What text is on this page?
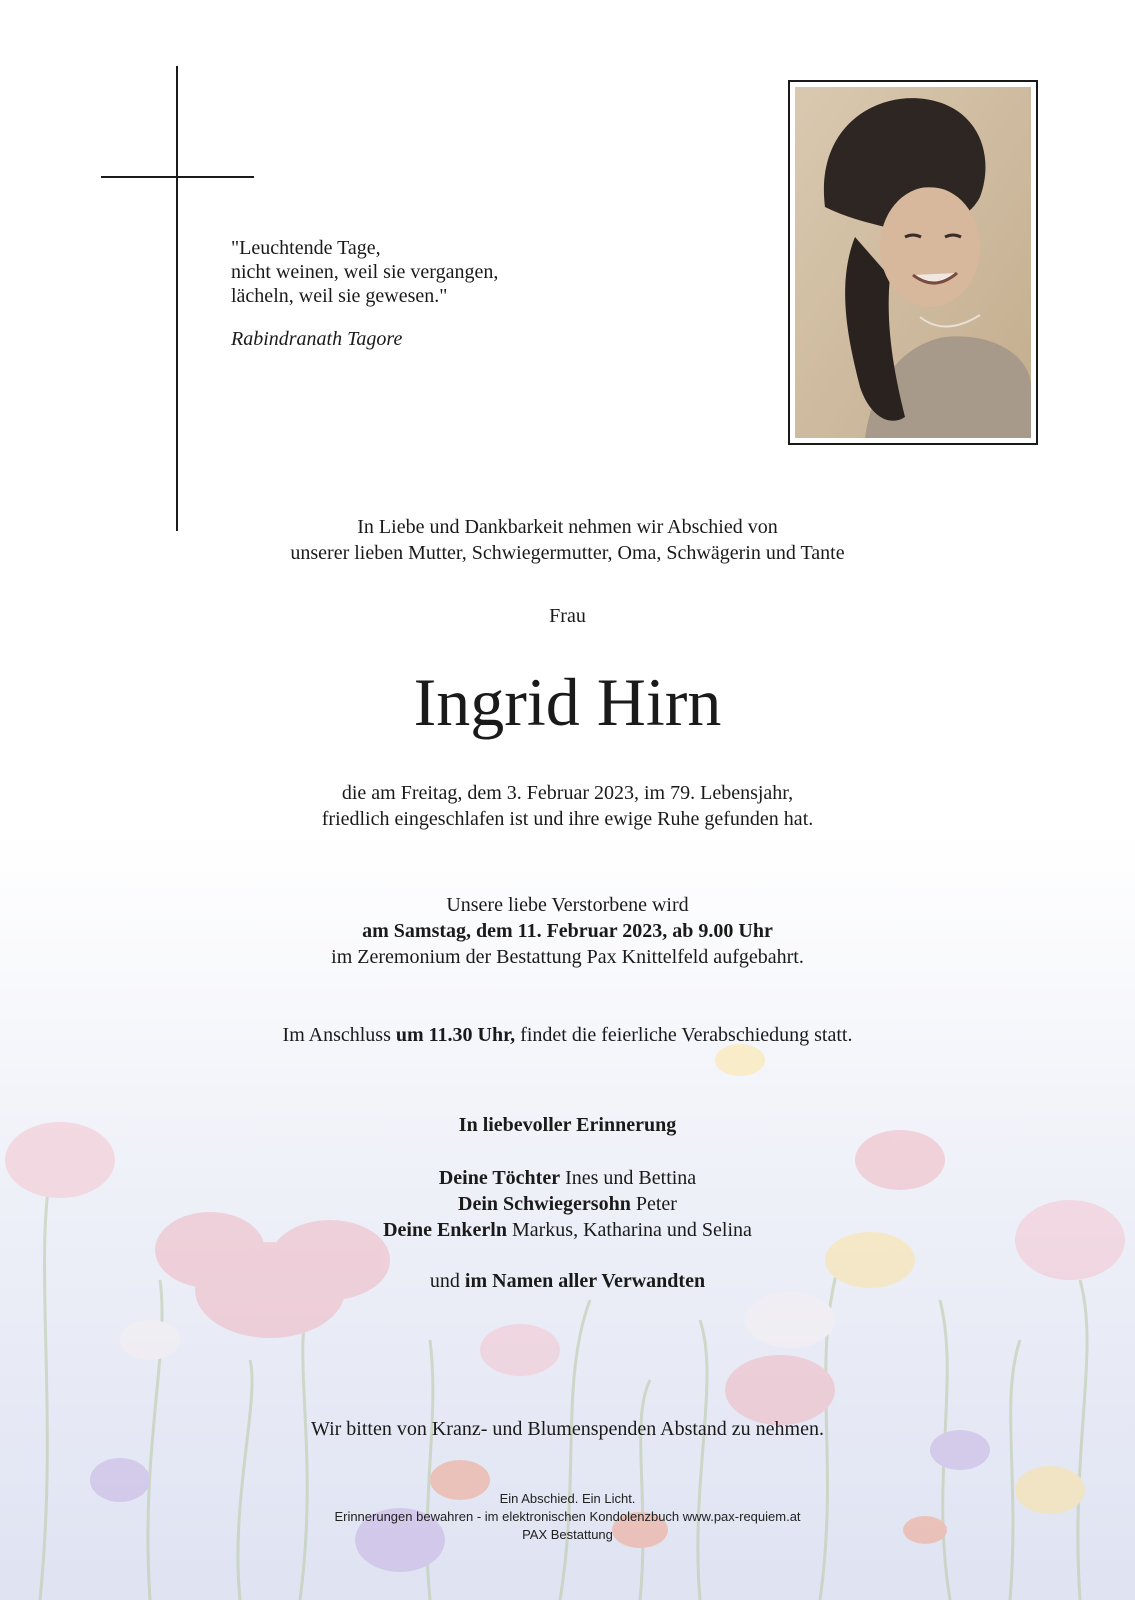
"Leuchtende Tage,
nicht weinen, weil sie vergangen,
lächeln, weil sie gewesen."
Rabindranath Tagore
In Liebe und Dankbarkeit nehmen wir Abschied von
unserer lieben Mutter, Schwiegermutter, Oma, Schwägerin und Tante
Frau
Ingrid Hirn
die am Freitag, dem 3. Februar 2023, im 79. Lebensjahr,
friedlich eingeschlafen ist und ihre ewige Ruhe gefunden hat.
Unsere liebe Verstorbene wird
am Samstag, dem 11. Februar 2023, ab 9.00 Uhr
im Zeremonium der Bestattung Pax Knittelfeld aufgebahrt.
Im Anschluss um 11.30 Uhr, findet die feierliche Verabschiedung statt.
In liebevoller Erinnerung
Deine Töchter Ines und Bettina
Dein Schwiegersohn Peter
Deine Enkerln Markus, Katharina und Selina
und im Namen aller Verwandten
Wir bitten von Kranz- und Blumenspenden Abstand zu nehmen.
Ein Abschied. Ein Licht.
Erinnerungen bewahren - im elektronischen Kondolenzbuch www.pax-requiem.at
PAX Bestattung
